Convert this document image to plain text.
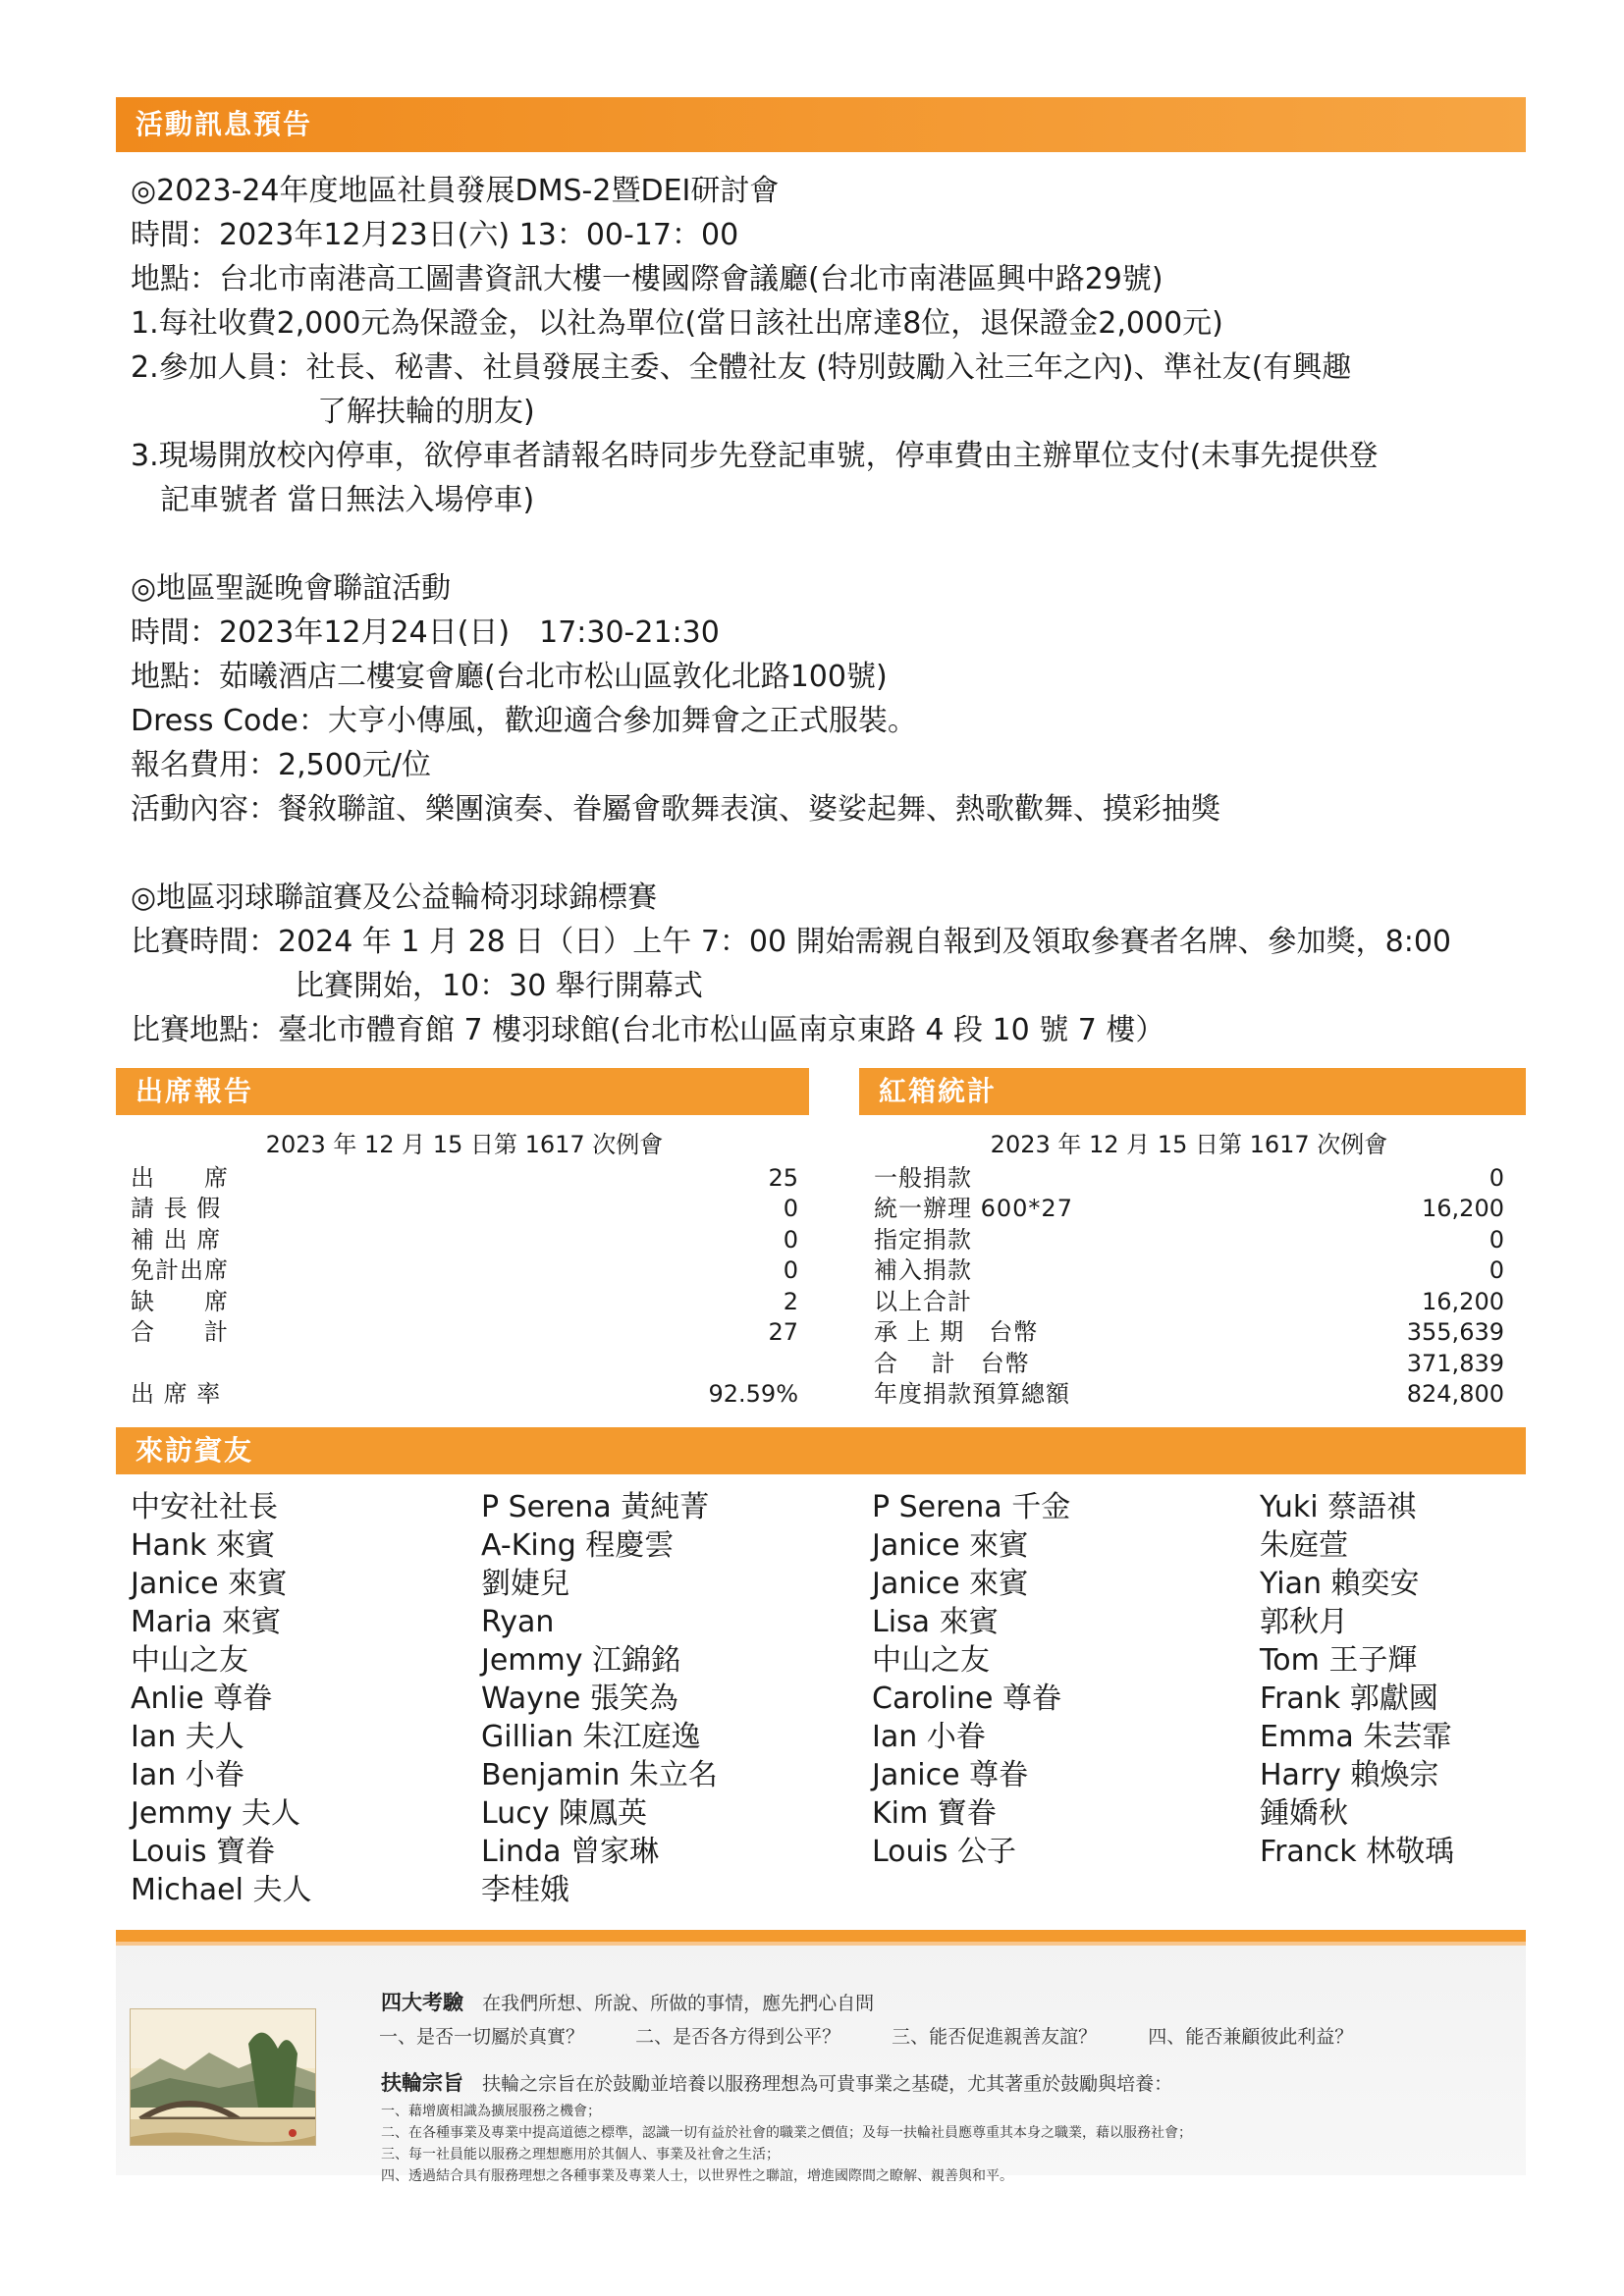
活動訊息預告

◎2023-24年度地區社員發展DMS-2暨DEI研討會

時間：2023年12月23日(六) 13：00-17：00

地點：台北市南港高工圖書資訊大樓一樓國際會議廳(台北市南港區興中路29號)

1.每社收費2,000元為保證金，以社為單位(當日該社出席達8位，退保證金2,000元)

2.參加人員：社長、秘書、社員發展主委、全體社友 (特別鼓勵入社三年之內)、準社友(有興趣

了解扶輪的朋友)

3.現場開放校內停車，欲停車者請報名時同步先登記車號，停車費由主辦單位支付(未事先提供登

記車號者 當日無法入場停車)

◎地區聖誕晚會聯誼活動

時間：2023年12月24日(日)　17:30-21:30

地點：茹曦酒店二樓宴會廳(台北市松山區敦化北路100號)

Dress Code：大亨小傳風，歡迎適合參加舞會之正式服裝。

報名費用：2,500元/位

活動內容：餐敘聯誼、樂團演奏、眷屬會歌舞表演、婆娑起舞、熱歌歡舞、摸彩抽獎

◎地區羽球聯誼賽及公益輪椅羽球錦標賽

比賽時間：2024 年 1 月 28 日（日）上午 7：00 開始需親自報到及領取參賽者名牌、參加獎，8:00

比賽開始，10：30 舉行開幕式

比賽地點：臺北市體育館 7 樓羽球館(台北市松山區南京東路 4 段 10 號 7 樓）

出席報告
2023 年 12 月 15 日第 1617 次例會
出　　席	25
請 長 假	0
補 出 席	0
免計出席	0
缺　　席	2
合　　計	27
出 席 率	92.59%
紅箱統計
2023 年 12 月 15 日第 1617 次例會
一般捐款	0
統一辦理 600*27	16,200
指定捐款	0
補入捐款	0
以上合計	16,200
承 上 期　台幣	355,639
合　 計　台幣	371,839
年度捐款預算總額	824,800
來訪賓友
中安社社長
Hank 來賓
Janice 來賓
Maria 來賓
中山之友
Anlie 尊眷
Ian 夫人
Ian 小眷
Jemmy 夫人
Louis 寶眷
Michael 夫人
P Serena 黃純菁
A-King 程慶雲
劉婕兒
Ryan
Jemmy 江錦銘
Wayne 張笑為
Gillian 朱江庭逸
Benjamin 朱立名
Lucy 陳鳳英
Linda 曾家琳
李桂娥
P Serena 千金
Janice 來賓
Janice 來賓
Lisa 來賓
中山之友
Caroline 尊眷
Ian 小眷
Janice 尊眷
Kim 寶眷
Louis 公子
Yuki 蔡語祺
朱庭萱
Yian 賴奕安
郭秋月
Tom 王子輝
Frank 郭獻國
Emma 朱芸霏
Harry 賴煥宗
鍾嬌秋
Franck 林敬瑀
四大考驗 在我們所想、所說、所做的事情，應先捫心自問
一、是否一切屬於真實？	二、是否各方得到公平？	三、能否促進親善友誼？	四、能否兼顧彼此利益？
扶輪宗旨 扶輪之宗旨在於鼓勵並培養以服務理想為可貴事業之基礎，尤其著重於鼓勵與培養：
一、藉增廣相識為擴展服務之機會；
二、在各種事業及專業中提高道德之標準，認識一切有益於社會的職業之價值；及每一扶輪社員應尊重其本身之職業，藉以服務社會；
三、每一社員能以服務之理想應用於其個人、事業及社會之生活；
四、透過結合具有服務理想之各種事業及專業人士，以世界性之聯誼，增進國際間之瞭解、親善與和平。
